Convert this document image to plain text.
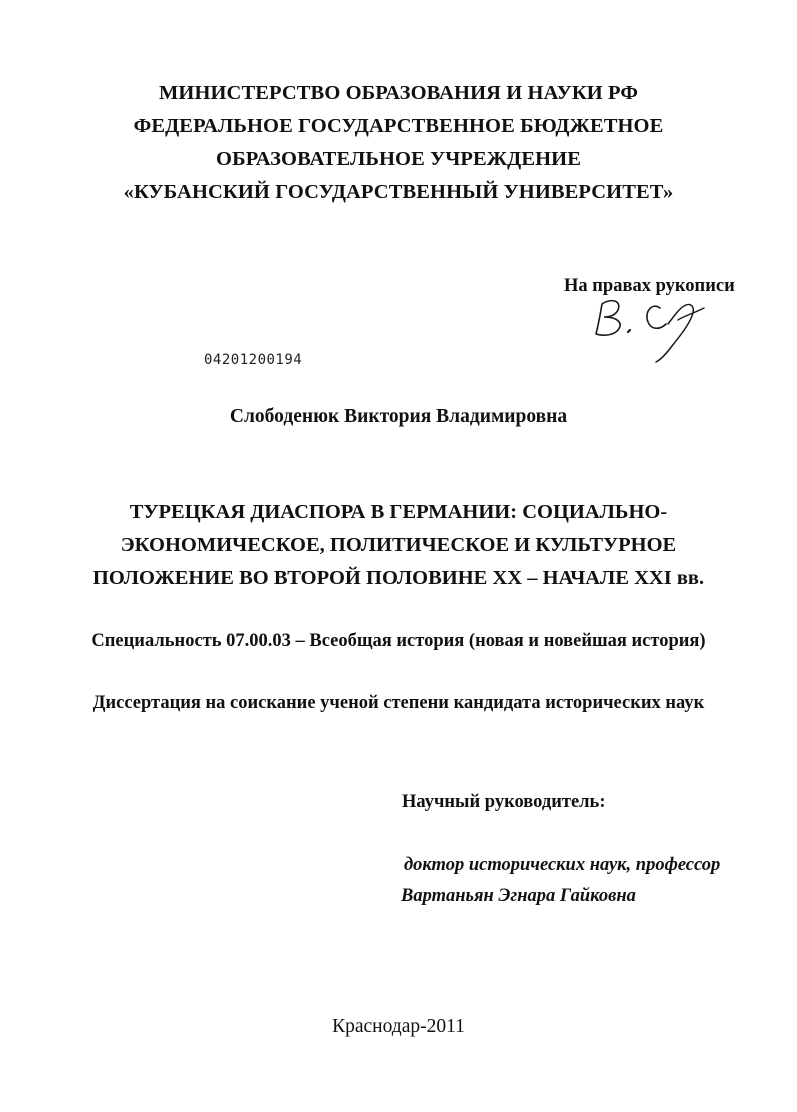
МИНИСТЕРСТВО ОБРАЗОВАНИЯ И НАУКИ РФ
ФЕДЕРАЛЬНОЕ ГОСУДАРСТВЕННОЕ БЮДЖЕТНОЕ
ОБРАЗОВАТЕЛЬНОЕ УЧРЕЖДЕНИЕ
«КУБАНСКИЙ ГОСУДАРСТВЕННЫЙ УНИВЕРСИТЕТ»
На правах рукописи
04201200194
Слободенюк Виктория Владимировна
ТУРЕЦКАЯ ДИАСПОРА В ГЕРМАНИИ: СОЦИАЛЬНО-
ЭКОНОМИЧЕСКОЕ, ПОЛИТИЧЕСКОЕ И КУЛЬТУРНОЕ
ПОЛОЖЕНИЕ ВО ВТОРОЙ ПОЛОВИНЕ XX – НАЧАЛЕ XXI вв.
Специальность 07.00.03 – Всеобщая история (новая и новейшая история)
Диссертация на соискание ученой степени кандидата исторических наук
Научный руководитель:
доктор исторических наук, профессор
Вартаньян Эгнара Гайковна
Краснодар-2011
